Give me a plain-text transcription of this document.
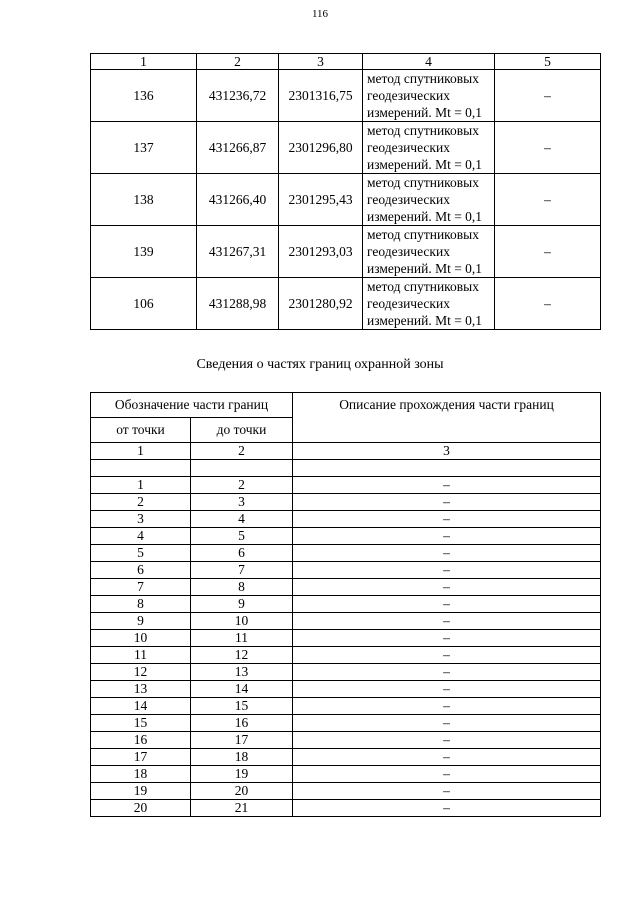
116
1	2	3	4	5
136	431236,72	2301316,75	метод спутниковых
геодезических
измерений. Mt = 0,1	–
137	431266,87	2301296,80	метод спутниковых
геодезических
измерений. Mt = 0,1	–
138	431266,40	2301295,43	метод спутниковых
геодезических
измерений. Mt = 0,1	–
139	431267,31	2301293,03	метод спутниковых
геодезических
измерений. Mt = 0,1	–
106	431288,98	2301280,92	метод спутниковых
геодезических
измерений. Mt = 0,1	–
Сведения о частях границ охранной зоны
Обозначение части границ		Описание прохождения части границ
от точки	до точки	
1	2	3

1	2	–
2	3	–
3	4	–
4	5	–
5	6	–
6	7	–
7	8	–
8	9	–
9	10	–
10	11	–
11	12	–
12	13	–
13	14	–
14	15	–
15	16	–
16	17	–
17	18	–
18	19	–
19	20	–
20	21	–
